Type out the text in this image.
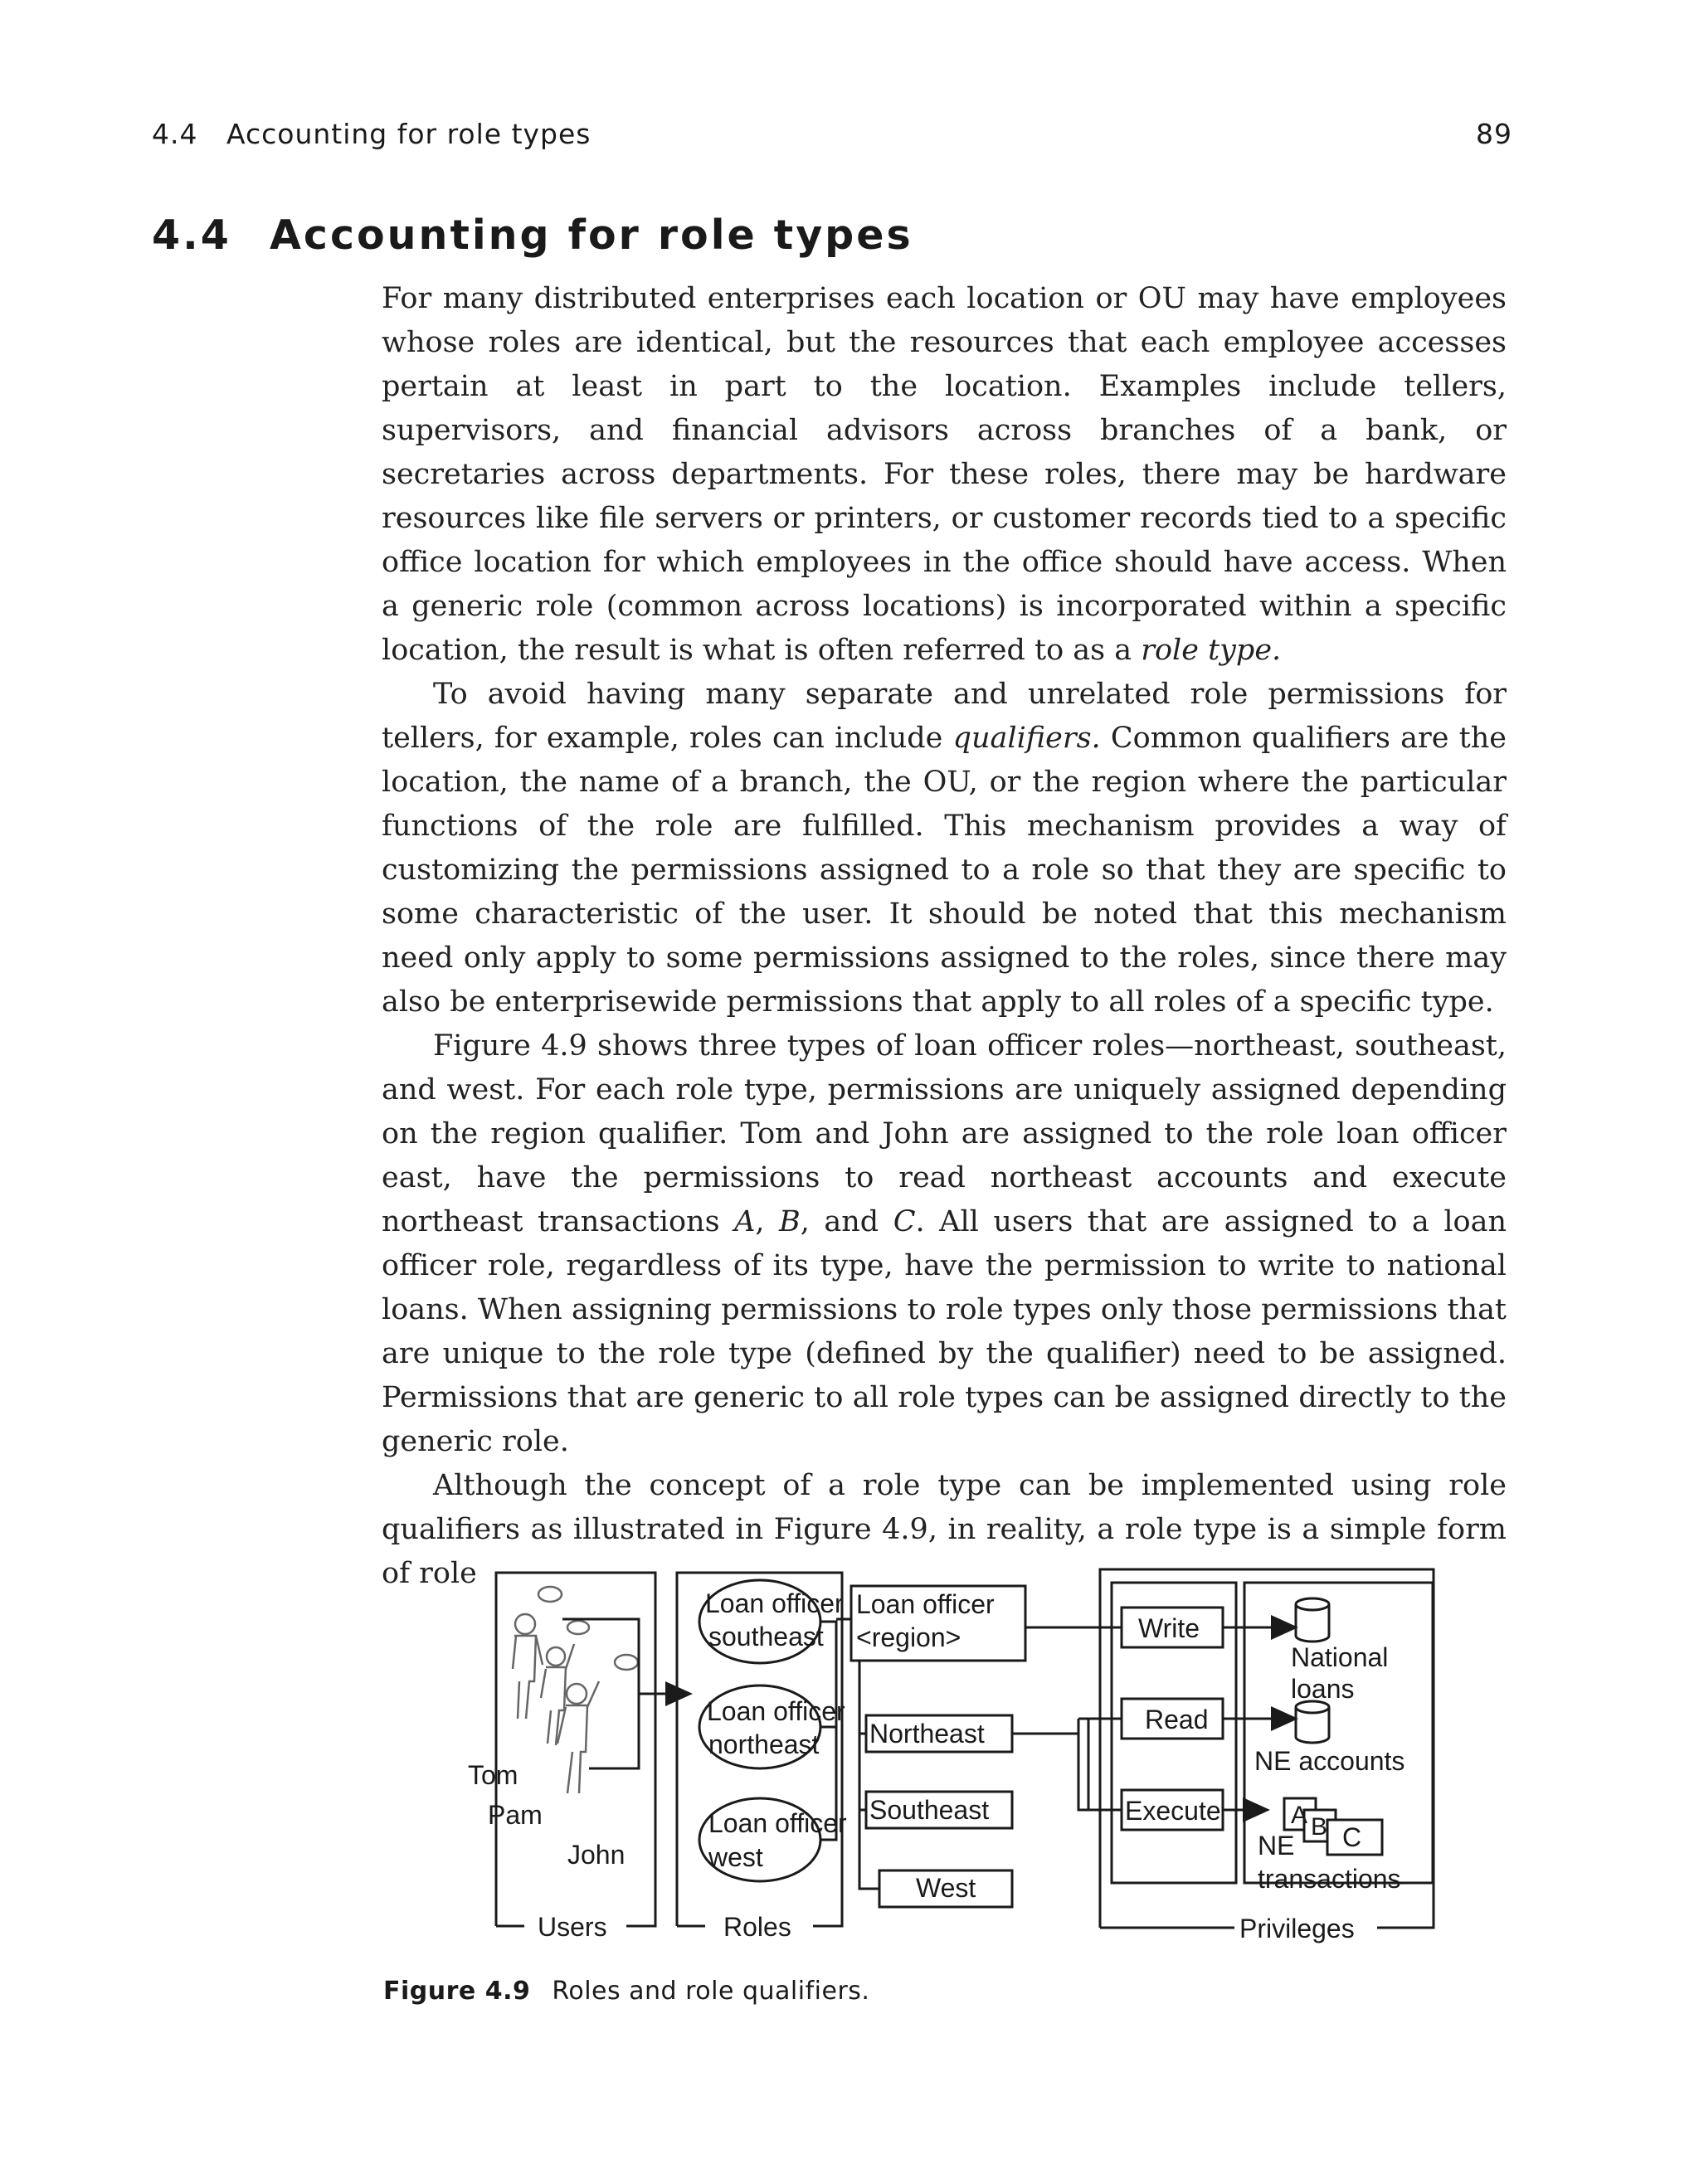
4.4 Accounting for role types	89
4.4 Accounting for role types

For many distributed enterprises each location or OU may have employees whose roles are identical, but the resources that each employee accesses pertain at least in part to the location. Examples include tellers, supervisors, and financial advisors across branches of a bank, or secretaries across departments. For these roles, there may be hardware resources like file servers or printers, or customer records tied to a specific office location for which employees in the office should have access. When a generic role (common across locations) is incorporated within a specific location, the result is what is often referred to as a role type.

To avoid having many separate and unrelated role permissions for tellers, for example, roles can include qualifiers. Common qualifiers are the location, the name of a branch, the OU, or the region where the particular functions of the role are fulfilled. This mechanism provides a way of customizing the permissions assigned to a role so that they are specific to some characteristic of the user. It should be noted that this mechanism need only apply to some permissions assigned to the roles, since there may also be enterprisewide permissions that apply to all roles of a specific type.

Figure 4.9 shows three types of loan officer roles—northeast, southeast, and west. For each role type, permissions are uniquely assigned depending on the region qualifier. Tom and John are assigned to the role loan officer east, have the permissions to read northeast accounts and execute northeast transactions A, B, and C. All users that are assigned to a loan officer role, regardless of its type, have the permission to write to national loans. When assigning permissions to role types only those permissions that are unique to the role type (defined by the qualifier) need to be assigned. Permissions that are generic to all role types can be assigned directly to the generic role.

Although the concept of a role type can be implemented using role qualifiers as illustrated in Figure 4.9, in reality, a role type is a simple form of role

Tom
Pam
John
Users
Loan officer
southeast
Loan officer
northeast
Loan officer
west
Roles
Loan officer
<region>
Northeast
Southeast
West
Write
Read
Execute
National
loans
NE accounts
A B C
NE
transactions
Privileges
Figure 4.9 Roles and role qualifiers.
